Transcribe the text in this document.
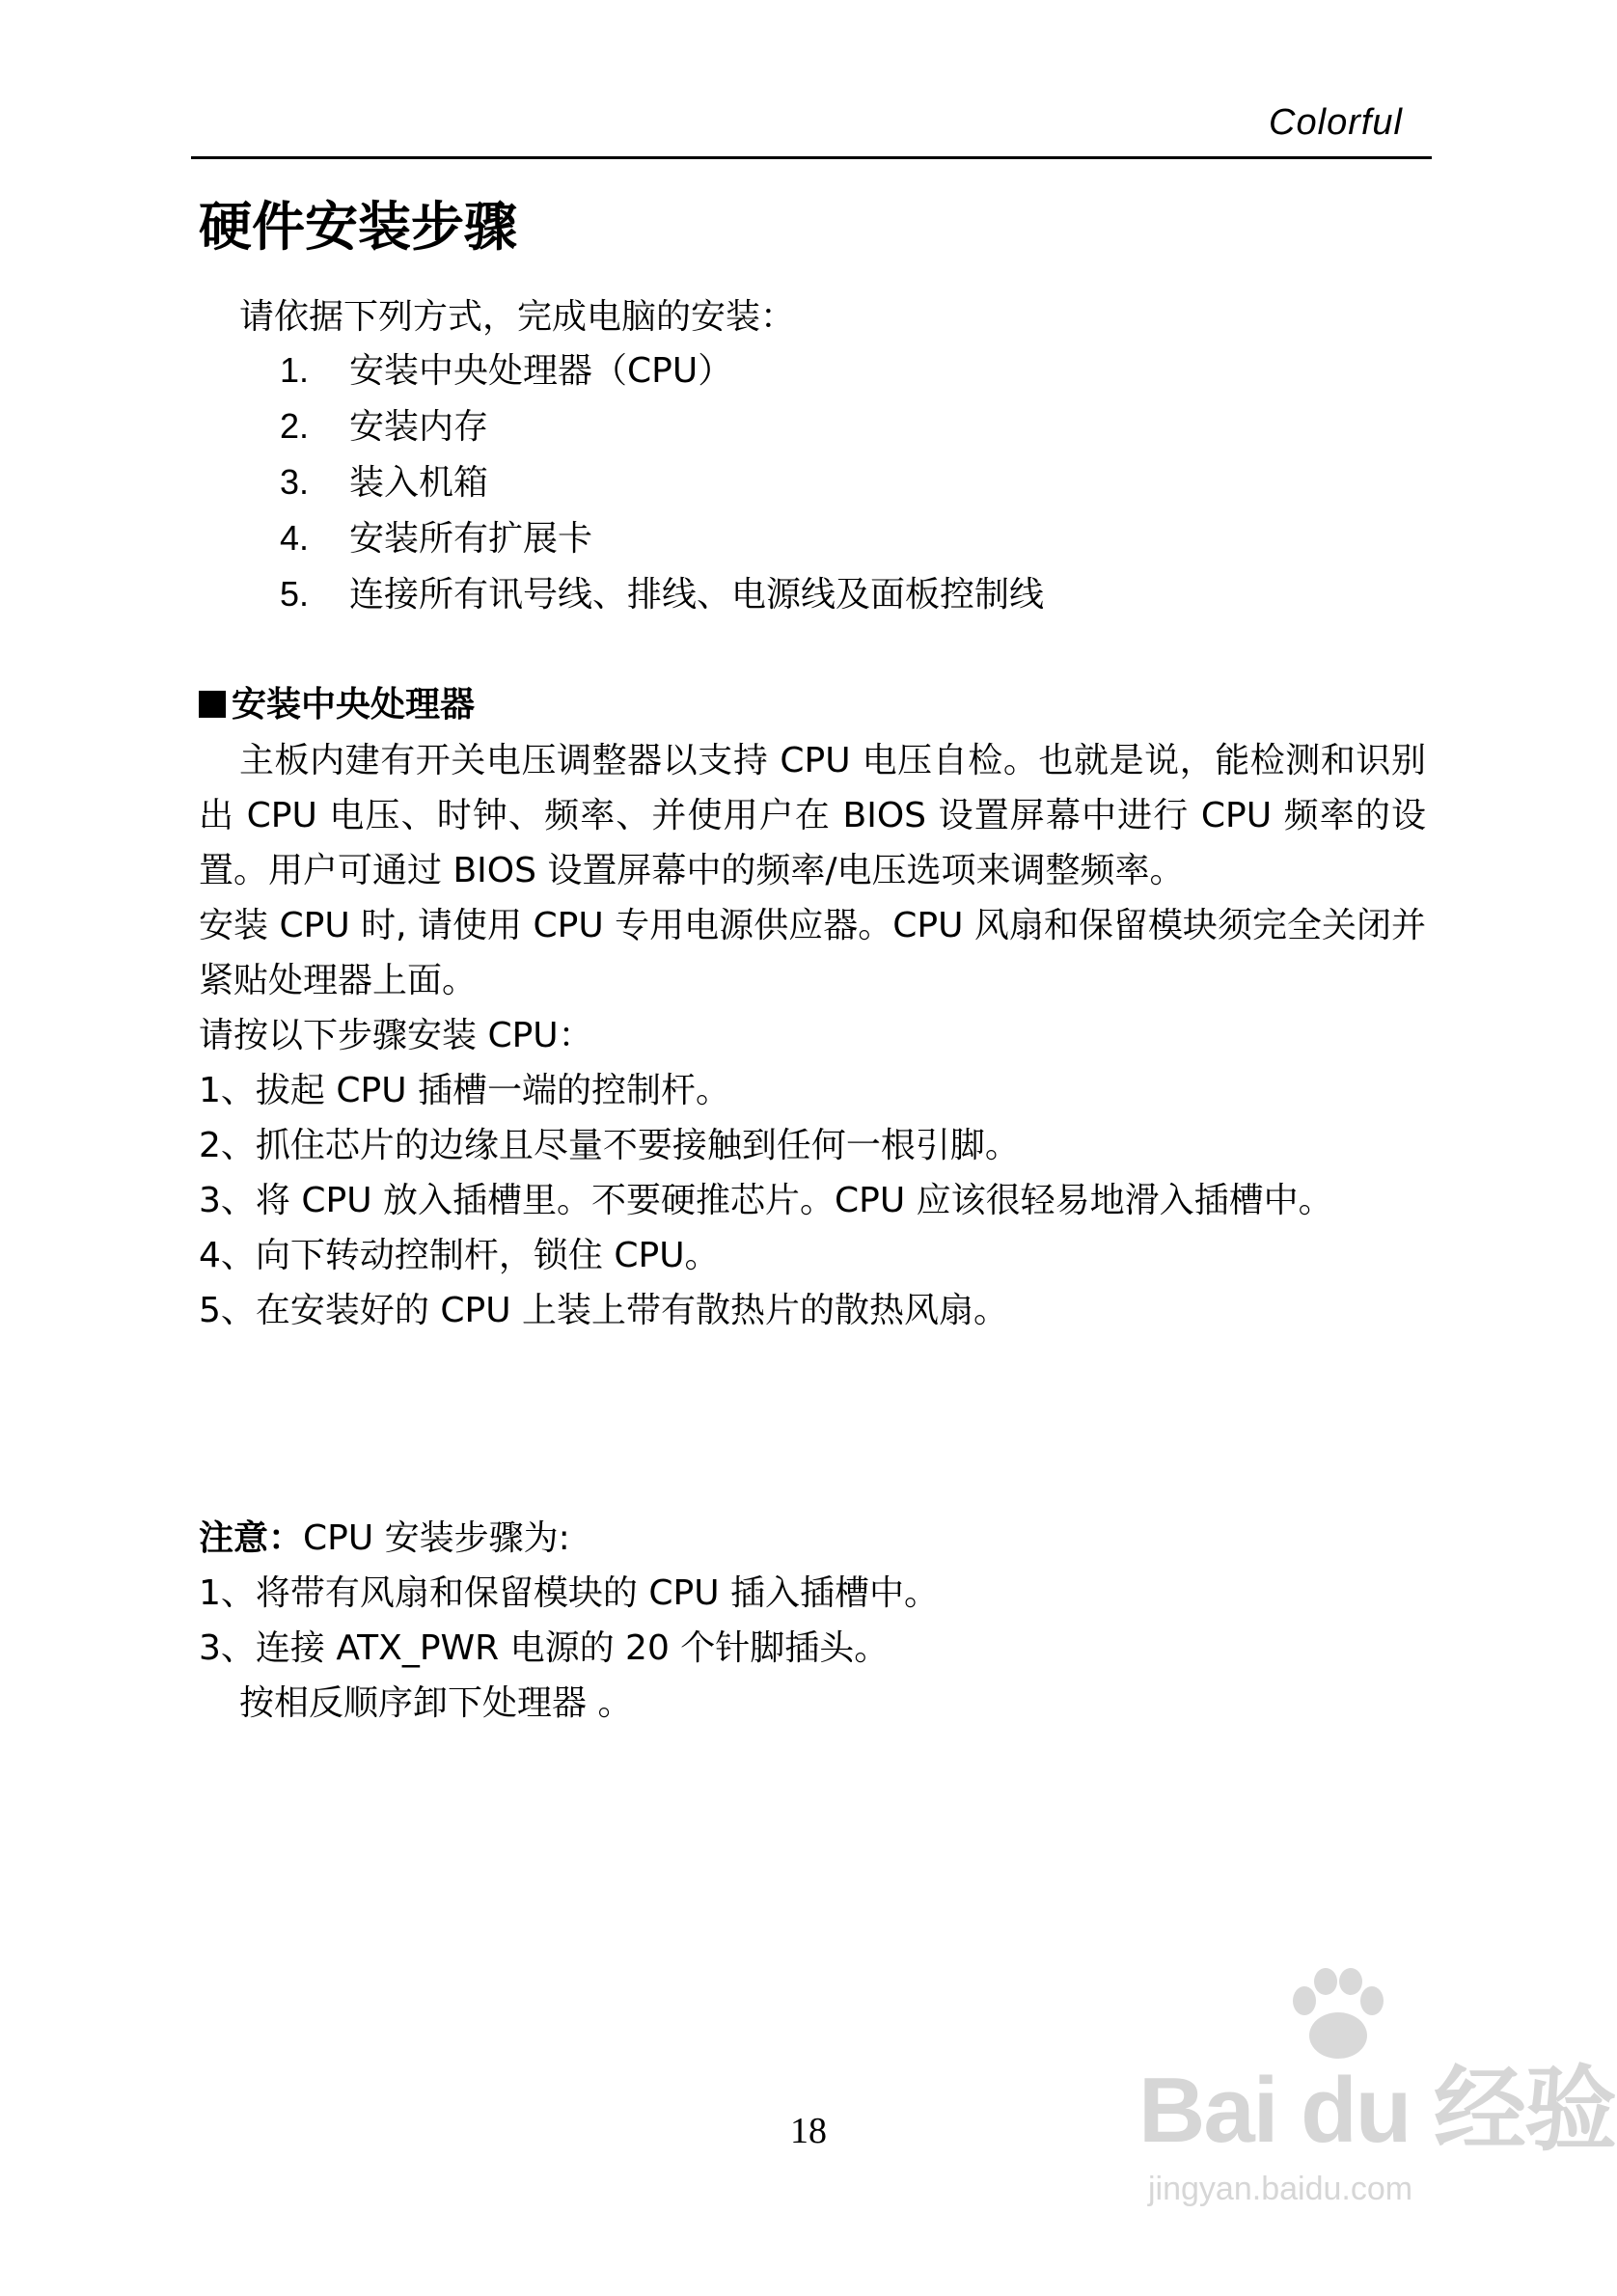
Colorful
硬件安装步骤
请依据下列方式，完成电脑的安装：
1. 安装中央处理器（CPU）
2. 安装内存
3. 装入机箱
4. 安装所有扩展卡
5. 连接所有讯号线、排线、电源线及面板控制线
安装中央处理器

主板内建有开关电压调整器以支持 CPU 电压自检。也就是说，能检测和识别出 CPU 电压、时钟、频率、并使用户在 BIOS 设置屏幕中进行 CPU 频率的设置。用户可通过 BIOS 设置屏幕中的频率/电压选项来调整频率。

安装 CPU 时, 请使用 CPU 专用电源供应器。CPU 风扇和保留模块须完全关闭并紧贴处理器上面。

请按以下步骤安装 CPU：

1、拔起 CPU 插槽一端的控制杆。

2、抓住芯片的边缘且尽量不要接触到任何一根引脚。

3、将 CPU 放入插槽里。不要硬推芯片。CPU 应该很轻易地滑入插槽中。

4、向下转动控制杆，锁住 CPU。

5、在安装好的 CPU 上装上带有散热片的散热风扇。

注意：CPU 安装步骤为:

1、将带有风扇和保留模块的 CPU 插入插槽中。

3、连接 ATX_PWR 电源的 20 个针脚插头。

按相反顺序卸下处理器 。

18	Bai du 经验
jingyan.baidu.com
